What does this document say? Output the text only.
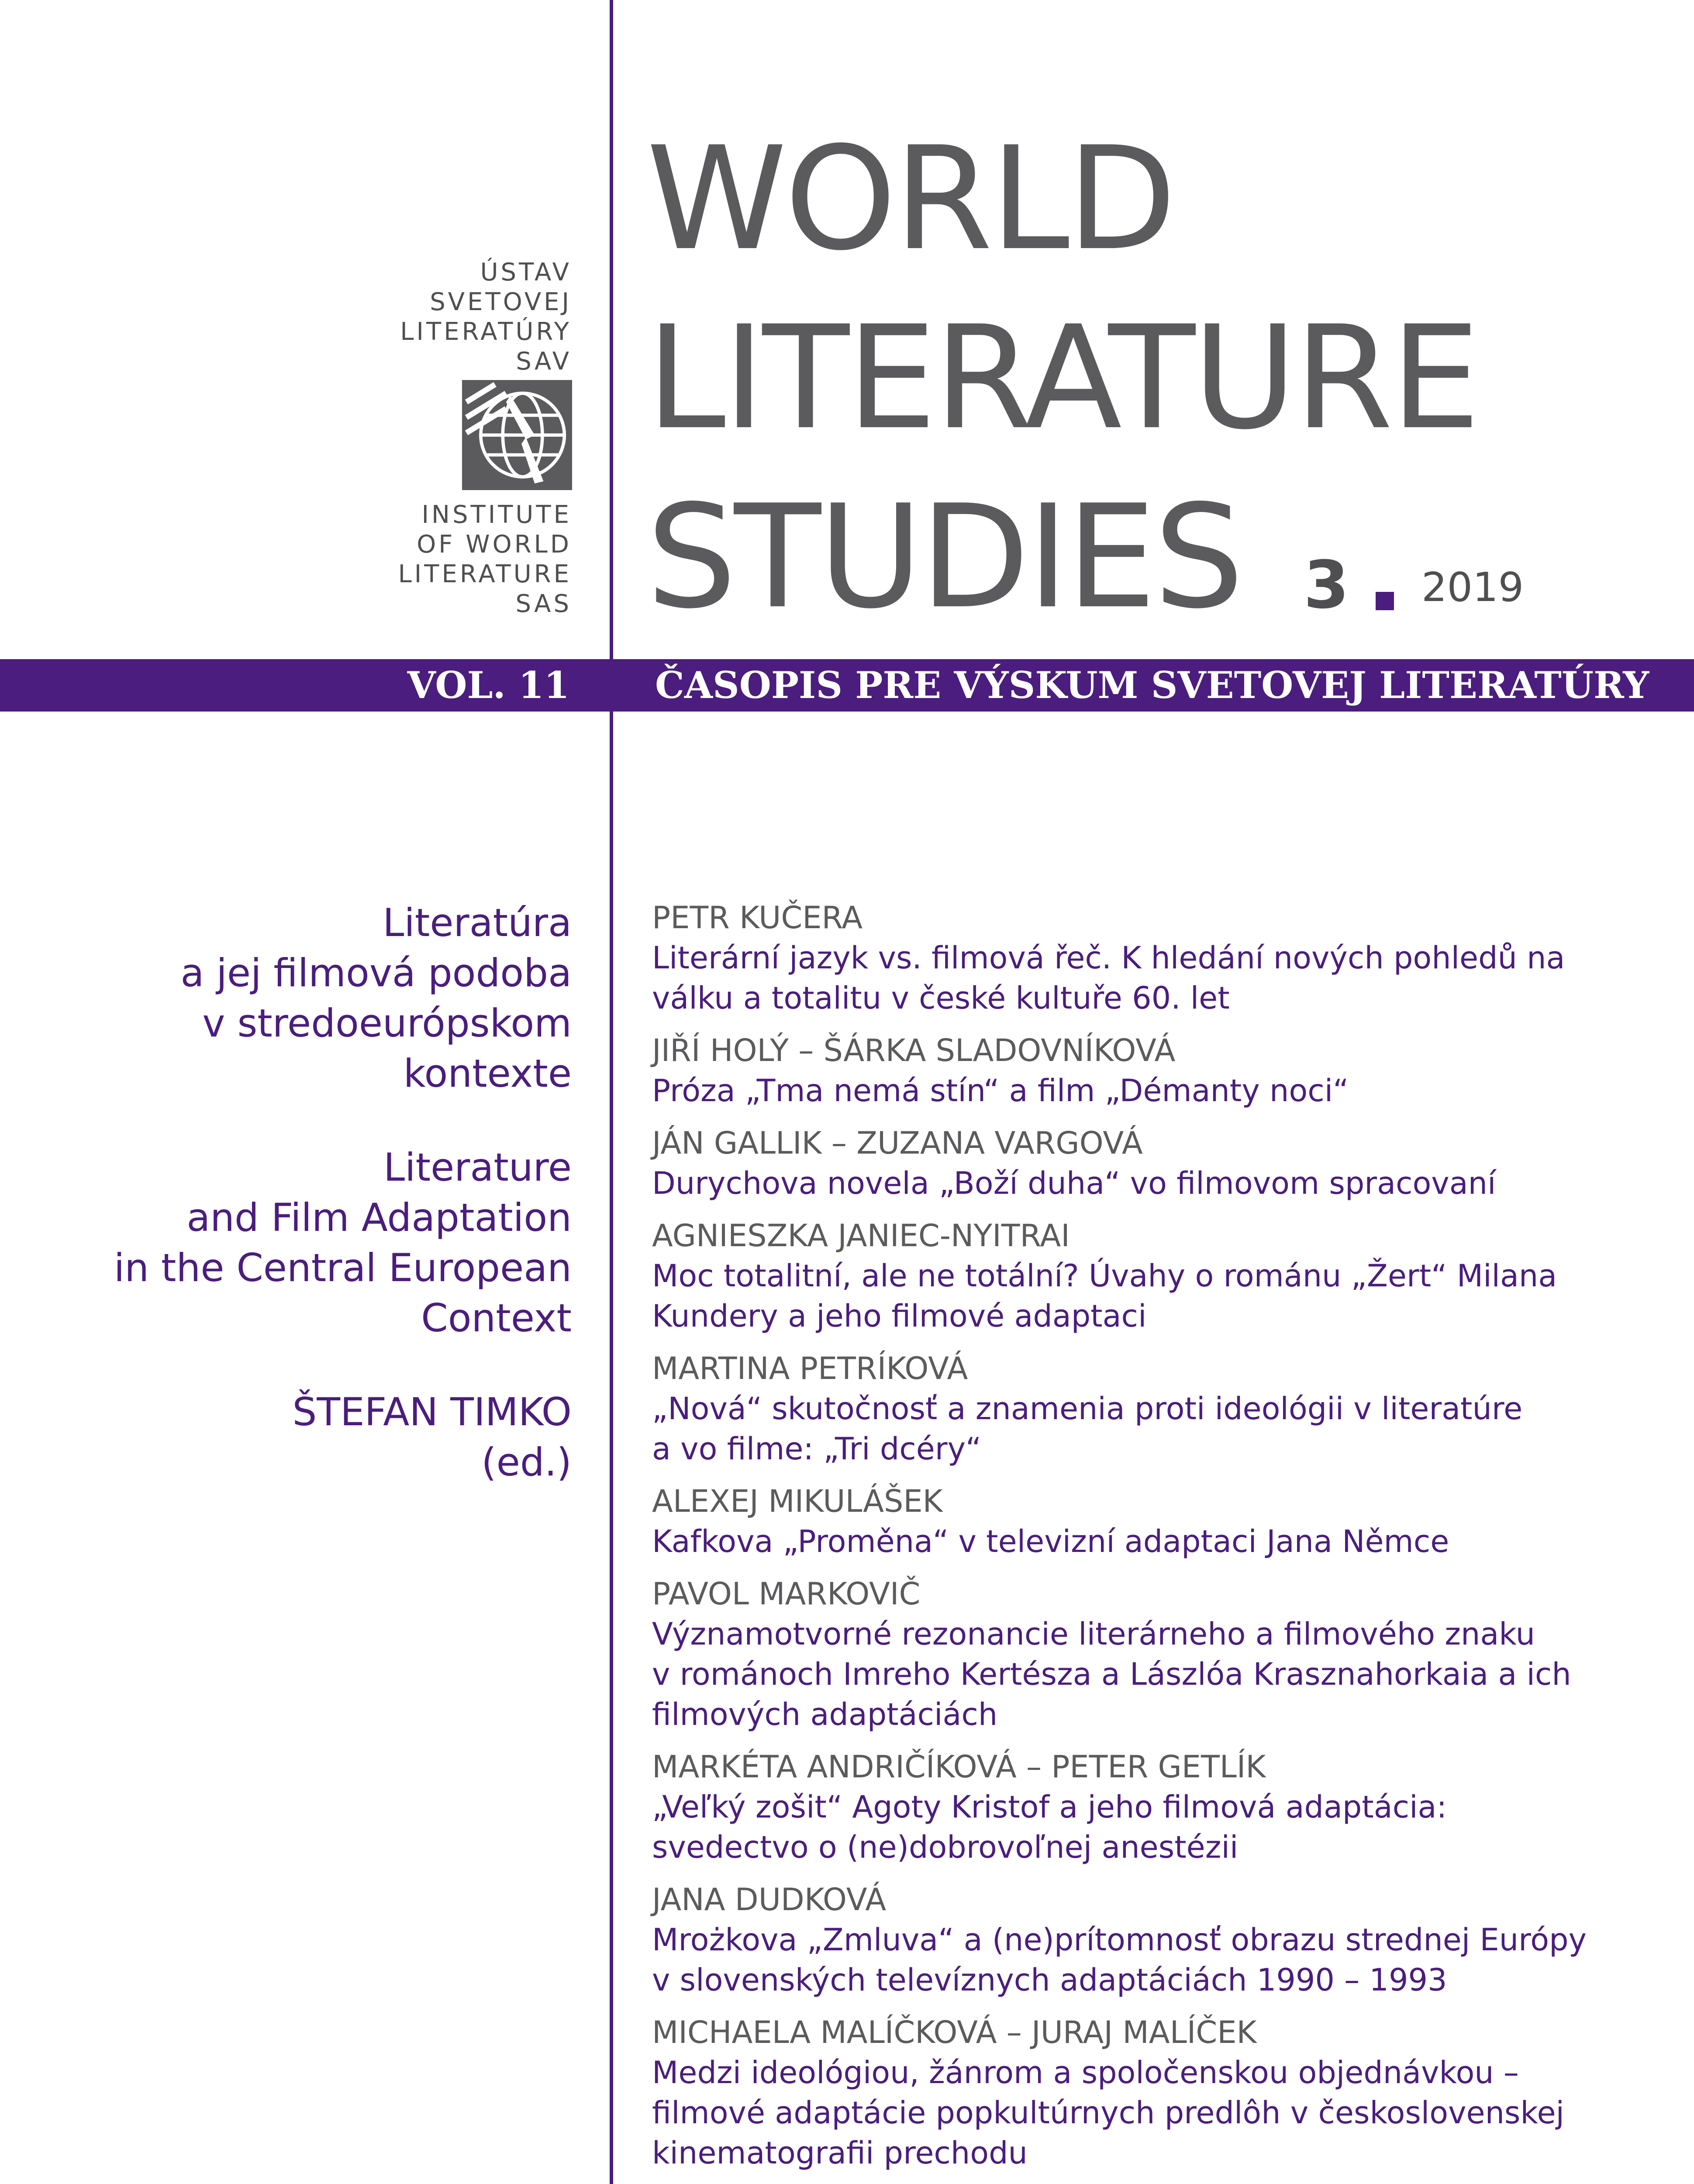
ÚSTAV
SVETOVEJ
LITERATÚRY
SAV
INSTITUTE
OF WORLD
LITERATURE
SAS
WORLD
LITERATURE
STUDIES 3 2019
VOL. 11 ČASOPIS PRE VÝSKUM SVETOVEJ LITERATÚRY
Literatúra
a jej filmová podoba
v stredoeurópskom
kontexte
Literature
and Film Adaptation
in the Central European
Context
ŠTEFAN TIMKO
(ed.)
PETR KUČERA
Literární jazyk vs. filmová řeč. K hledání nových pohledů na
válku a totalitu v české kultuře 60. let
JIŘÍ HOLÝ – ŠÁRKA SLADOVNÍKOVÁ
Próza „Tma nemá stín“ a film „Démanty noci“
JÁN GALLIK – ZUZANA VARGOVÁ
Durychova novela „Boží duha“ vo filmovom spracovaní
AGNIESZKA JANIEC-NYITRAI
Moc totalitní, ale ne totální? Úvahy o románu „Žert“ Milana
Kundery a jeho filmové adaptaci
MARTINA PETRÍKOVÁ
„Nová“ skutočnosť a znamenia proti ideológii v literatúre
a vo filme: „Tri dcéry“
ALEXEJ MIKULÁŠEK
Kafkova „Proměna“ v televizní adaptaci Jana Němce
PAVOL MARKOVIČ
Významotvorné rezonancie literárneho a filmového znaku
v románoch Imreho Kertésza a Lászlóa Krasznahorkaia a ich
filmových adaptáciách
MARKÉTA ANDRIČÍKOVÁ – PETER GETLÍK
„Veľký zošit“ Agoty Kristof a jeho filmová adaptácia:
svedectvo o (ne)dobrovoľnej anestézii
JANA DUDKOVÁ
Mrożkova „Zmluva“ a (ne)prítomnosť obrazu strednej Európy
v slovenských televíznych adaptáciách 1990 – 1993
MICHAELA MALÍČKOVÁ – JURAJ MALÍČEK
Medzi ideológiou, žánrom a spoločenskou objednávkou –
filmové adaptácie popkultúrnych predlôh v československej
kinematografii prechodu
